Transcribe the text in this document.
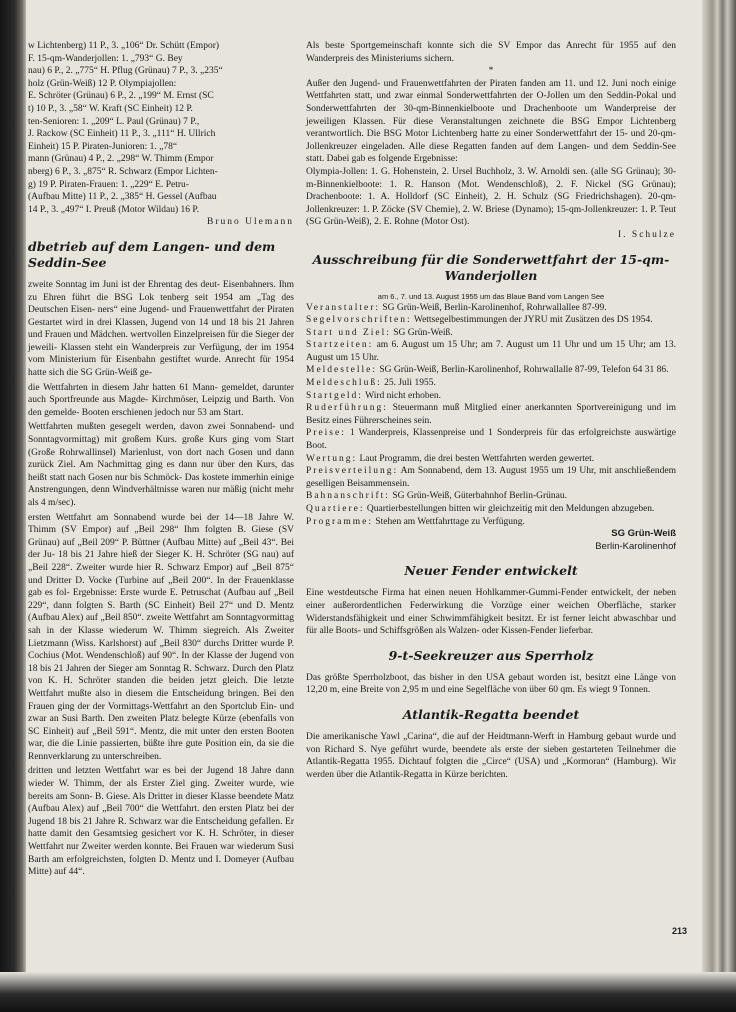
w Lichtenberg) 11 P., 3. „106“ Dr. Schütt (Empor)

F. 15-qm-Wanderjollen: 1. „793“ G. Bey

nau) 6 P., 2. „775“ H. Pflug (Grünau) 7 P., 3. „235“

holz (Grün-Weiß) 12 P. Olympiajollen:

E. Schröter (Grünau) 6 P., 2. „199“ M. Ernst (SC

t) 10 P., 3. „58“ W. Kraft (SC Einheit) 12 P.

ten-Senioren: 1. „209“ L. Paul (Grünau) 7 P.,

J. Rackow (SC Einheit) 11 P., 3. „111“ H. Ullrich

Einheit) 15 P. Piraten-Junioren: 1. „78“

mann (Grünau) 4 P., 2. „298“ W. Thimm (Empor

nberg) 6 P., 3. „875“ R. Schwarz (Empor Lichten-

g) 19 P. Piraten-Frauen: 1. „229“ E. Petru-

(Aufbau Mitte) 11 P., 2. „385“ H. Gessel (Aufbau

14 P., 3. „497“ I. Preuß (Motor Wildau) 16 P.

Bruno Ulemann

dbetrieb auf dem Langen- und dem Seddin-See

zweite Sonntag im Juni ist der Ehrentag des deut- Eisenbahners. Ihm zu Ehren führt die BSG Lok tenberg seit 1954 am „Tag des Deutschen Eisen- ners“ eine Jugend- und Frauenwettfahrt der Piraten Gestartet wird in drei Klassen, Jugend von 14 und 18 bis 21 Jahren und Frauen und Mädchen. wertvollen Einzelpreisen für die Sieger der jeweili- Klassen steht ein Wanderpreis zur Verfügung, der im 1954 vom Ministerium für Eisenbahn gestiftet wurde. Anrecht für 1954 hatte sich die SG Grün-Weiß ge-

die Wettfahrten in diesem Jahr hatten 61 Mann- gemeldet, darunter auch Sportfreunde aus Magde- Kirchmöser, Leipzig und Barth. Von den gemelde- Booten erschienen jedoch nur 53 am Start.

Wettfahrten mußten gesegelt werden, davon zwei Sonnabend- und Sonntagvormittag) mit großem Kurs. große Kurs ging vom Start (Große Rohrwallinsel) Marienlust, von dort nach Gosen und dann zurück Ziel. Am Nachmittag ging es dann nur über den Kurs, das heißt statt nach Gosen nur bis Schmöck- Das kostete immerhin einige Anstrengungen, denn Windverhältnisse waren nur mäßig (nicht mehr als 4 m/sec).

ersten Wettfahrt am Sonnabend wurde bei der 14—18 Jahre W. Thimm (SV Empor) auf „Beil 298“ Ihm folgten B. Giese (SV Grünau) auf „Beil 209“ P. Büttner (Aufbau Mitte) auf „Beil 43“. Bei der Ju- 18 bis 21 Jahre hieß der Sieger K. H. Schröter (SG nau) auf „Beil 228“. Zweiter wurde hier R. Schwarz Empor) auf „Beil 875“ und Dritter D. Vocke (Turbine auf „Beil 200“. In der Frauenklasse gab es fol- Ergebnisse: Erste wurde E. Petruschat (Aufbau auf „Beil 229“, dann folgten S. Barth (SC Einheit) Beil 27“ und D. Mentz (Aufbau Alex) auf „Beil 850“. zweite Wettfahrt am Sonntagvormittag sah in der Klasse wiederum W. Thimm siegreich. Als Zweiter Lietzmann (Wiss. Karlshorst) auf „Beil 830“ durchs Dritter wurde P. Cochius (Mot. Wendenschloß) auf 90“. In der Klasse der Jugend von 18 bis 21 Jahren der Sieger am Sonntag R. Schwarz. Durch den Platz von K. H. Schröter standen die beiden jetzt gleich. Die letzte Wettfahrt mußte also in diesem die Entscheidung bringen. Bei den Frauen ging der der Vormittags-Wettfahrt an den Sportclub Ein- und zwar an Susi Barth. Den zweiten Platz belegte Kürze (ebenfalls von SC Einheit) auf „Beil 591“. Mentz, die mit unter den ersten Booten war, die die Linie passierten, büßte ihre gute Position ein, da sie die Rennverklarung zu unterschreiben.

dritten und letzten Wettfahrt war es bei der Jugend 18 Jahre dann wieder W. Thimm, der als Erster Ziel ging. Zweiter wurde, wie bereits am Sonn- B. Giese. Als Dritter in dieser Klasse beendete Matz (Aufbau Alex) auf „Beil 700“ die Wettfahrt. den ersten Platz bei der Jugend 18 bis 21 Jahre R. Schwarz war die Entscheidung gefallen. Er hatte damit den Gesamtsieg gesichert vor K. H. Schröter, in dieser Wettfahrt nur Zweiter werden konnte. Bei Frauen war wiederum Susi Barth am erfolgreichsten, folgten D. Mentz und I. Domeyer (Aufbau Mitte) auf 44“.

Als beste Sportgemeinschaft konnte sich die SV Empor das Anrecht für 1955 auf den Wanderpreis des Ministeriums sichern.

*

Außer den Jugend- und Frauenwettfahrten der Piraten fanden am 11. und 12. Juni noch einige Wettfahrten statt, und zwar einmal Sonderwettfahrten der O-Jollen um den Seddin-Pokal und Sonderwettfahrten der 30-qm-Binnenkielboote und Drachenboote um Wanderpreise der jeweiligen Klassen. Für diese Veranstaltungen zeichnete die BSG Empor Lichtenberg verantwortlich. Die BSG Motor Lichtenberg hatte zu einer Sonderwettfahrt der 15- und 20-qm-Jollenkreuzer eingeladen. Alle diese Regatten fanden auf dem Langen- und dem Seddin-See statt. Dabei gab es folgende Ergebnisse:

Olympia-Jollen: 1. G. Hohenstein, 2. Ursel Buchholz, 3. W. Arnoldi sen. (alle SG Grünau); 30-m-Binnenkielboote: 1. R. Hanson (Mot. Wendenschloß), 2. F. Nickel (SG Grünau); Drachenboote: 1. A. Holldorf (SC Einheit), 2. H. Schulz (SG Friedrichshagen). 20-qm-Jollenkreuzer: 1. P. Zöcke (SV Chemie), 2. W. Briese (Dynamo); 15-qm-Jollenkreuzer: 1. P. Teut (SG Grün-Weiß), 2. E. Rohne (Motor Ost).

I. Schulze

Ausschreibung für die Sonderwettfahrt der 15-qm-Wanderjollen

am 6., 7. und 13. August 1955 um das Blaue Band vom Langen See

Veranstalter: SG Grün-Weiß, Berlin-Karolinenhof, Rohrwallallee 87-99.

Segelvorschriften: Wettsegelbestimmungen der JYRU mit Zusätzen des DS 1954.

Start und Ziel: SG Grün-Weiß.

Startzeiten: am 6. August um 15 Uhr; am 7. August um 11 Uhr und um 15 Uhr; am 13. August um 15 Uhr.

Meldestelle: SG Grün-Weiß, Berlin-Karolinenhof, Rohrwallalle 87-99, Telefon 64 31 86.

Meldeschluß: 25. Juli 1955.

Startgeld: Wird nicht erhoben.

Ruderführung: Steuermann muß Mitglied einer anerkannten Sportvereinigung und im Besitz eines Führerscheines sein.

Preise: 1 Wanderpreis, Klassenpreise und 1 Sonderpreis für das erfolgreichste auswärtige Boot.

Wertung: Laut Programm, die drei besten Wettfahrten werden gewertet.

Preisverteilung: Am Sonnabend, dem 13. August 1955 um 19 Uhr, mit anschließendem geselligen Beisammensein.

Bahnanschrift: SG Grün-Weiß, Güterbahnhof Berlin-Grünau.

Quartiere: Quartierbestellungen bitten wir gleichzeitig mit den Meldungen abzugeben.

Programme: Stehen am Wettfahrttage zu Verfügung.

SG Grün-Weiß

Berlin-Karolinenhof

Neuer Fender entwickelt

Eine westdeutsche Firma hat einen neuen Hohlkammer-Gummi-Fender entwickelt, der neben einer außerordentlichen Federwirkung die Vorzüge einer weichen Oberfläche, starker Widerstandsfähigkeit und einer Schwimmfähigkeit besitzt. Er ist ferner leicht abwaschbar und für alle Boots- und Schiffsgrößen als Walzen- oder Kissen-Fender lieferbar.

9-t-Seekreuzer aus Sperrholz

Das größte Sperrholzboot, das bisher in den USA gebaut worden ist, besitzt eine Länge von 12,20 m, eine Breite von 2,95 m und eine Segelfläche von über 60 qm. Es wiegt 9 Tonnen.

Atlantik-Regatta beendet

Die amerikanische Yawl „Carina“, die auf der Heidtmann-Werft in Hamburg gebaut wurde und von Richard S. Nye geführt wurde, beendete als erste der sieben gestarteten Teilnehmer die Atlantik-Regatta 1955. Dichtauf folgten die „Circe“ (USA) und „Kormoran“ (Hamburg). Wir werden über die Atlantik-Regatta in Kürze berichten.

213
